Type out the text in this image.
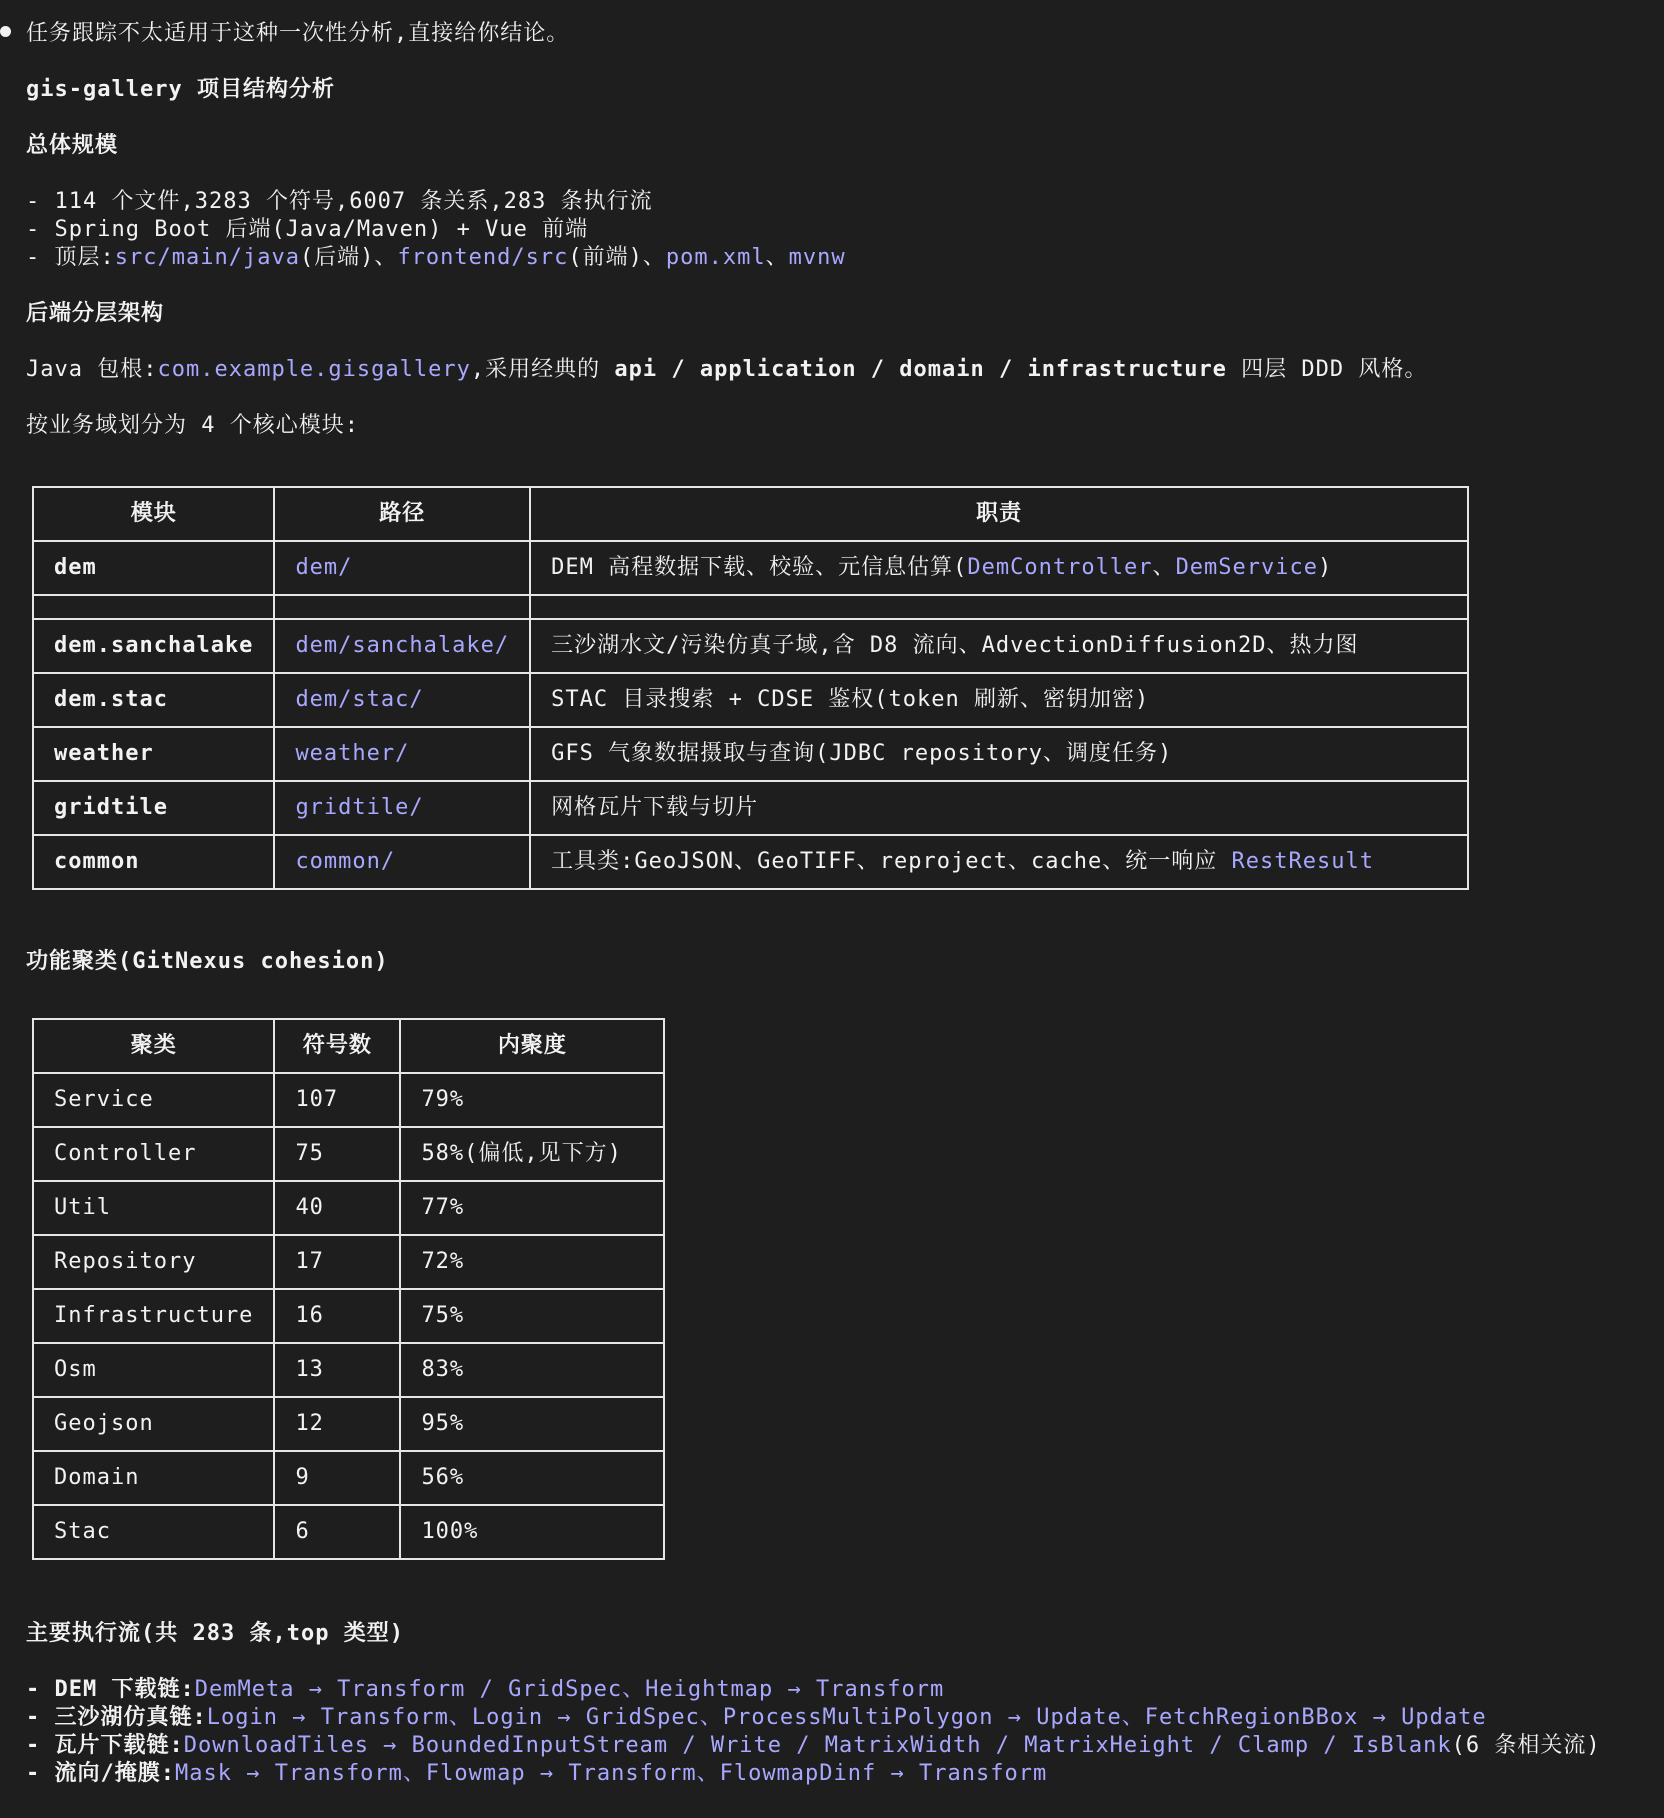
任务跟踪不太适用于这种一次性分析,直接给你结论。
gis-gallery 项目结构分析
总体规模
- 114 个文件,3283 个符号,6007 条关系,283 条执行流
- Spring Boot 后端(Java/Maven) + Vue 前端
- 顶层:src/main/java(后端)、frontend/src(前端)、pom.xml、mvnw
后端分层架构
Java 包根:com.example.gisgallery,采用经典的 api / application / domain / infrastructure 四层 DDD 风格。
按业务域划分为 4 个核心模块:
模块	路径	职责
dem	dem/	DEM 高程数据下载、校验、元信息估算(DemController、DemService)

dem.sanchalake	dem/sanchalake/	三沙湖水文/污染仿真子域,含 D8 流向、AdvectionDiffusion2D、热力图
dem.stac	dem/stac/	STAC 目录搜索 + CDSE 鉴权(token 刷新、密钥加密)
weather	weather/	GFS 气象数据摄取与查询(JDBC repository、调度任务)
gridtile	gridtile/	网格瓦片下载与切片
common	common/	工具类:GeoJSON、GeoTIFF、reproject、cache、统一响应 RestResult
功能聚类(GitNexus cohesion)
聚类	符号数	内聚度
Service	107	79%
Controller	75	58%(偏低,见下方)
Util	40	77%
Repository	17	72%
Infrastructure	16	75%
Osm	13	83%
Geojson	12	95%
Domain	9	56%
Stac	6	100%
主要执行流(共 283 条,top 类型)
- DEM 下载链:DemMeta → Transform / GridSpec、Heightmap → Transform
- 三沙湖仿真链:Login → Transform、Login → GridSpec、ProcessMultiPolygon → Update、FetchRegionBBox → Update
- 瓦片下载链:DownloadTiles → BoundedInputStream / Write / MatrixWidth / MatrixHeight / Clamp / IsBlank(6 条相关流)
- 流向/掩膜:Mask → Transform、Flowmap → Transform、FlowmapDinf → Transform
